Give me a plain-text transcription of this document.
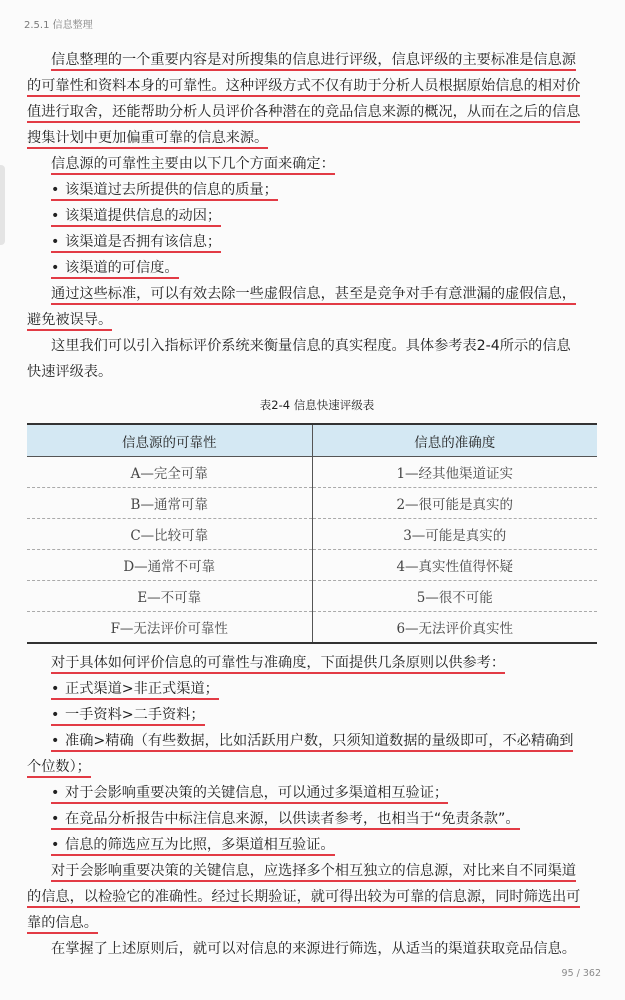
2.5.1 信息整理
信息整理的一个重要内容是对所搜集的信息进行评级，信息评级的主要标准是信息源
的可靠性和资料本身的可靠性。这种评级方式不仅有助于分析人员根据原始信息的相对价
值进行取舍，还能帮助分析人员评价各种潜在的竞品信息来源的概况，从而在之后的信息
搜集计划中更加偏重可靠的信息来源。
信息源的可靠性主要由以下几个方面来确定：
• 该渠道过去所提供的信息的质量；
• 该渠道提供信息的动因；
• 该渠道是否拥有该信息；
• 该渠道的可信度。
通过这些标准，可以有效去除一些虚假信息，甚至是竞争对手有意泄漏的虚假信息，
避免被误导。
这里我们可以引入指标评价系统来衡量信息的真实程度。具体参考表2-4所示的信息
快速评级表。
表2-4 信息快速评级表
信息源的可靠性	信息的准确度
A—完全可靠	1—经其他渠道证实
B—通常可靠	2—很可能是真实的
C—比较可靠	3—可能是真实的
D—通常不可靠	4—真实性值得怀疑
E—不可靠	5—很不可能
F—无法评价可靠性	6—无法评价真实性
对于具体如何评价信息的可靠性与准确度，下面提供几条原则以供参考：
• 正式渠道>非正式渠道；
• 一手资料>二手资料；
• 准确>精确（有些数据，比如活跃用户数，只须知道数据的量级即可，不必精确到
个位数）；
• 对于会影响重要决策的关键信息，可以通过多渠道相互验证；
• 在竞品分析报告中标注信息来源，以供读者参考，也相当于“免责条款”。
• 信息的筛选应互为比照，多渠道相互验证。
对于会影响重要决策的关键信息，应选择多个相互独立的信息源，对比来自不同渠道
的信息，以检验它的准确性。经过长期验证，就可得出较为可靠的信息源，同时筛选出可
靠的信息。
在掌握了上述原则后，就可以对信息的来源进行筛选，从适当的渠道获取竞品信息。
95 / 362
